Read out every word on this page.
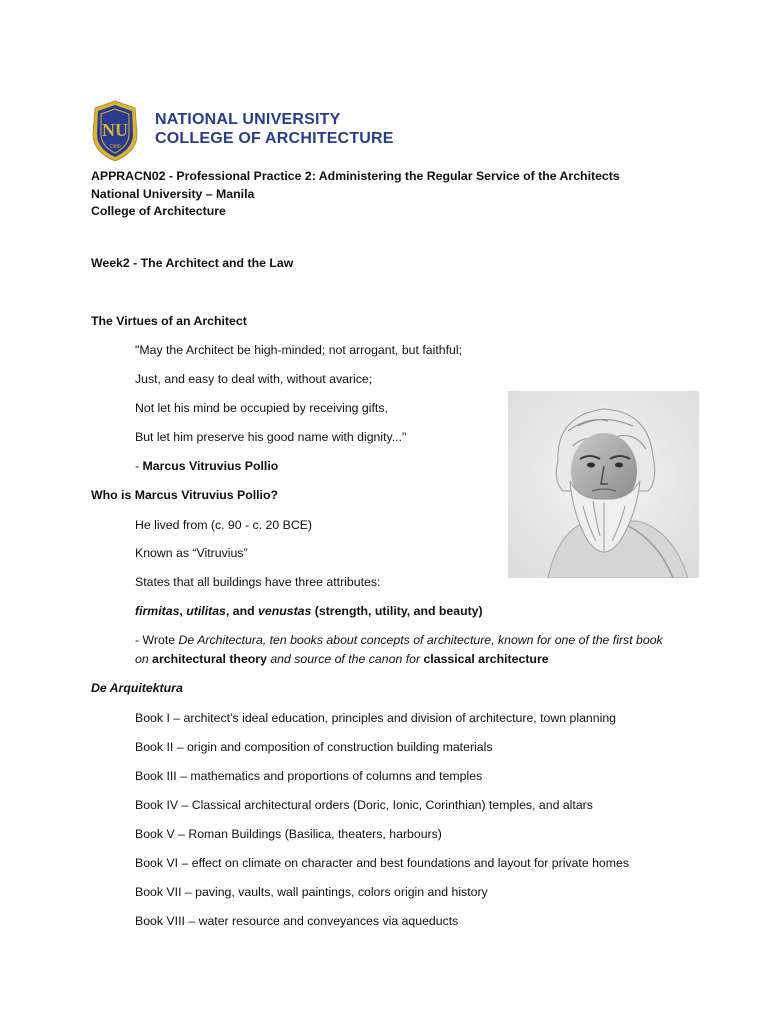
NU
1900
NATIONAL UNIVERSITY
COLLEGE OF ARCHITECTURE
APPRACN02 - Professional Practice 2: Administering the Regular Service of the Architects
National University – Manila
College of Architecture
Week2 - The Architect and the Law
The Virtues of an Architect
"May the Architect be high-minded; not arrogant, but faithful;
Just, and easy to deal with, without avarice;
Not let his mind be occupied by receiving gifts,
But let him preserve his good name with dignity..."
- Marcus Vitruvius Pollio
Who is Marcus Vitruvius Pollio?
He lived from (c. 90 - c. 20 BCE)
Known as “Vitruvius”
States that all buildings have three attributes:
firmitas, utilitas, and venustas (strength, utility, and beauty)
- Wrote De Architectura, ten books about concepts of architecture, known for one of the first book
on architectural theory and source of the canon for classical architecture
De Arquitektura
Book I – architect’s ideal education, principles and division of architecture, town planning
Book II – origin and composition of construction building materials
Book III – mathematics and proportions of columns and temples
Book IV – Classical architectural orders (Doric, Ionic, Corinthian) temples, and altars
Book V – Roman Buildings (Basilica, theaters, harbours)
Book VI – effect on climate on character and best foundations and layout for private homes
Book VII – paving, vaults, wall paintings, colors origin and history
Book VIII – water resource and conveyances via aqueducts
